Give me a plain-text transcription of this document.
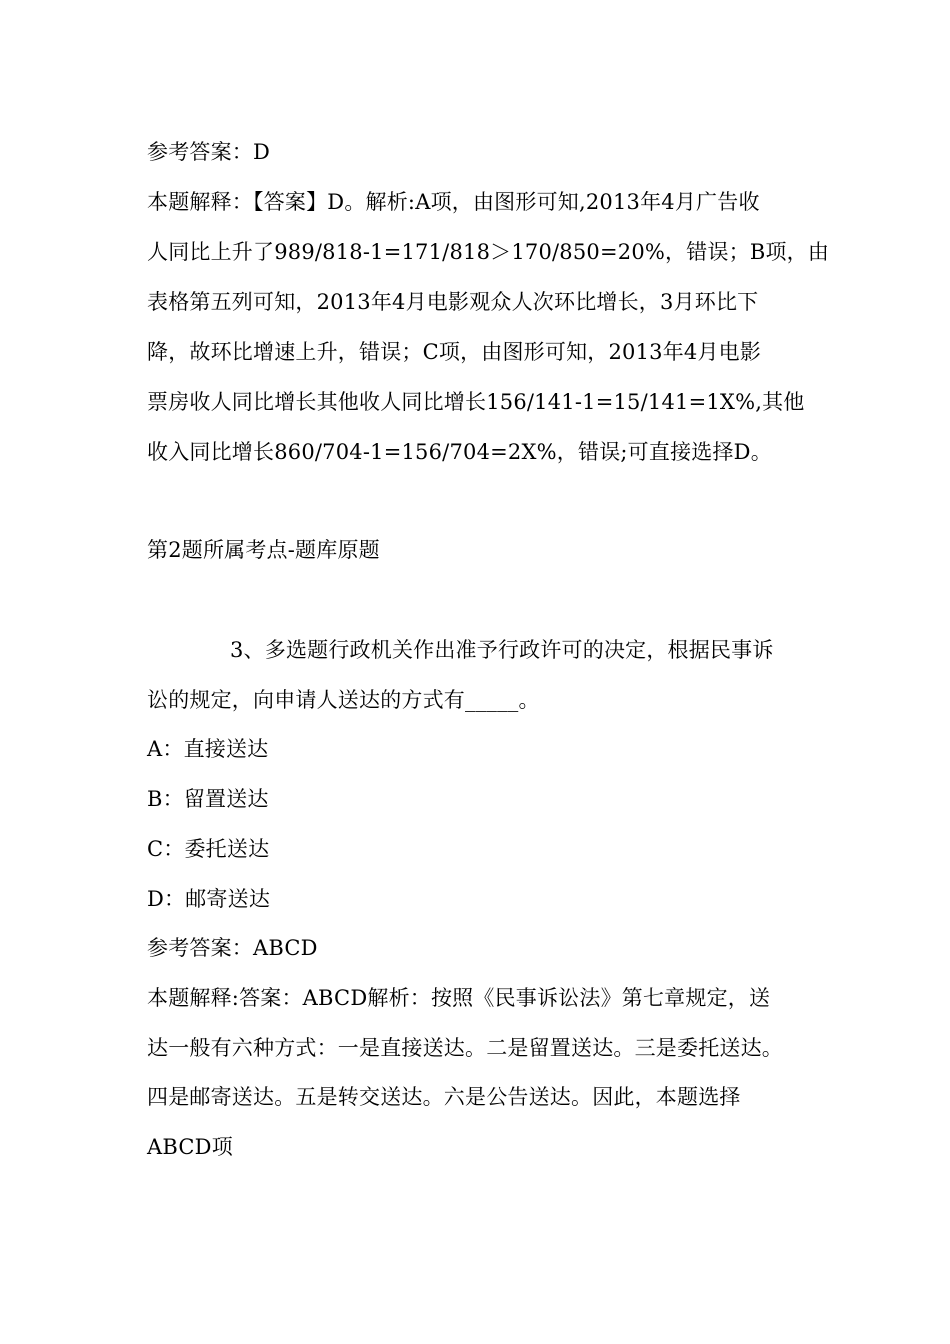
参考答案：D
本题解释：【答案】D。解析:A项，由图形可知,2013年4月广告收
人同比上升了989/818-1=171/818＞170/850=20%，错误；B项，由
表格第五列可知，2013年4月电影观众人次环比增长，3月环比下
降，故环比增速上升，错误；C项，由图形可知，2013年4月电影
票房收人同比增长其他收人同比增长156/141-1=15/141=1X%,其他
收入同比增长860/704-1=156/704=2X%，错误;可直接选择D。
第2题所属考点-题库原题
3、多选题行政机关作出准予行政许可的决定，根据民事诉
讼的规定，向申请人送达的方式有_____。
A：直接送达
B：留置送达
C：委托送达
D：邮寄送达
参考答案：ABCD
本题解释:答案：ABCD解析：按照《民事诉讼法》第七章规定，送
达一般有六种方式：一是直接送达。二是留置送达。三是委托送达。
四是邮寄送达。五是转交送达。六是公告送达。因此，本题选择
ABCD项
